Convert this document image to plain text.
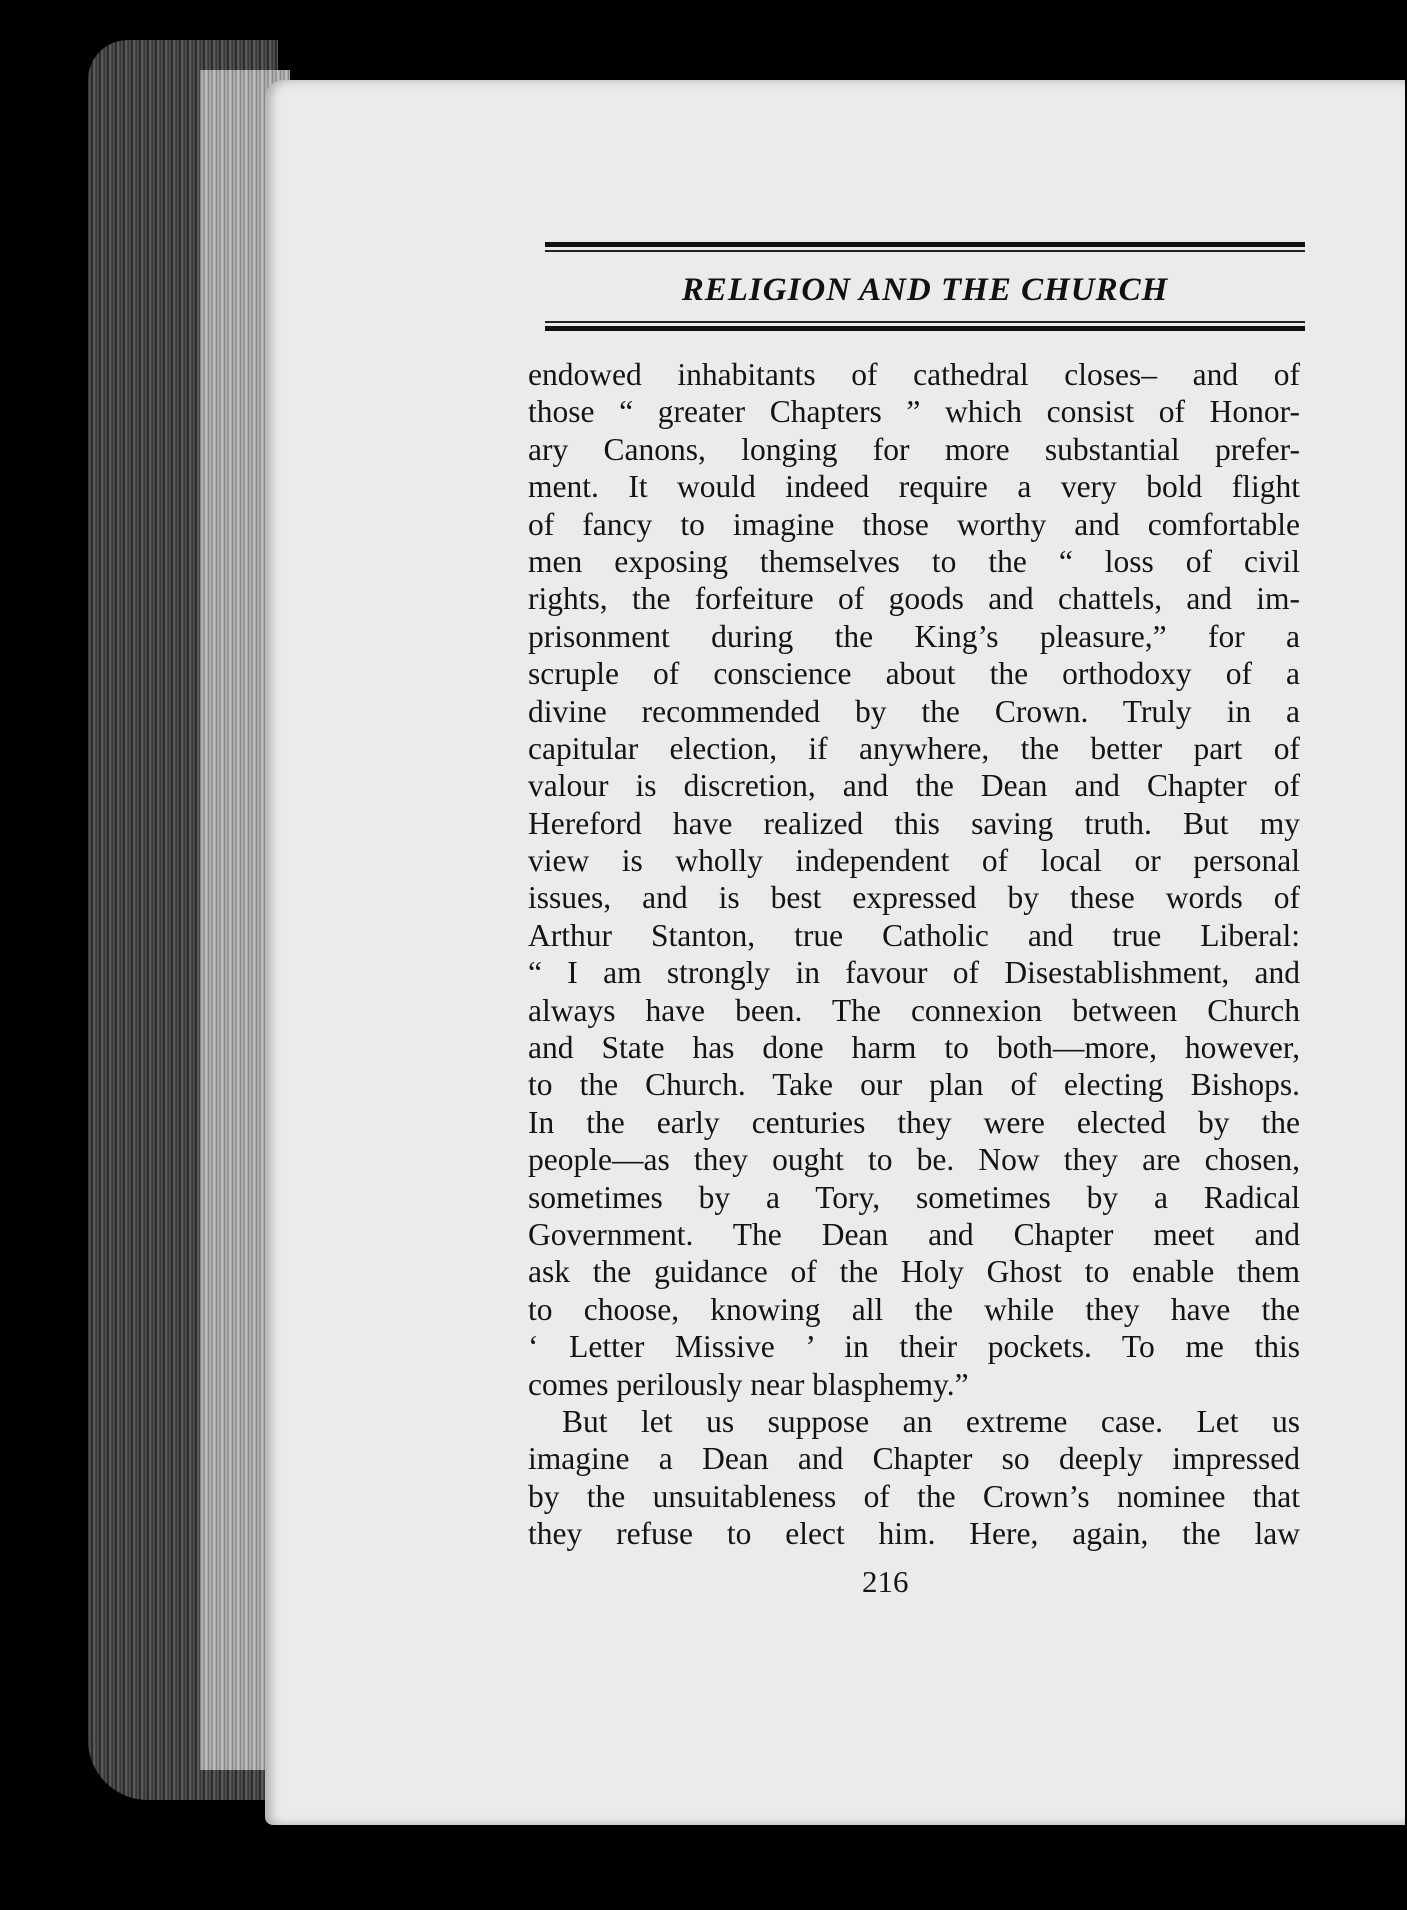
RELIGION AND THE CHURCH
endowed inhabitants of cathedral closes– and of
those “ greater Chapters ” which consist of Honor-
ary Canons, longing for more substantial prefer-
ment. It would indeed require a very bold flight
of fancy to imagine those worthy and comfortable
men exposing themselves to the “ loss of civil
rights, the forfeiture of goods and chattels, and im-
prisonment during the King’s pleasure,” for a
scruple of conscience about the orthodoxy of a
divine recommended by the Crown. Truly in a
capitular election, if anywhere, the better part of
valour is discretion, and the Dean and Chapter of
Hereford have realized this saving truth. But my
view is wholly independent of local or personal
issues, and is best expressed by these words of
Arthur Stanton, true Catholic and true Liberal:
“ I am strongly in favour of Disestablishment, and
always have been. The connexion between Church
and State has done harm to both—more, however,
to the Church. Take our plan of electing Bishops.
In the early centuries they were elected by the
people—as they ought to be. Now they are chosen,
sometimes by a Tory, sometimes by a Radical
Government. The Dean and Chapter meet and
ask the guidance of the Holy Ghost to enable them
to choose, knowing all the while they have the
‘ Letter Missive ’ in their pockets. To me this
comes perilously near blasphemy.”
But let us suppose an extreme case. Let us
imagine a Dean and Chapter so deeply impressed
by the unsuitableness of the Crown’s nominee that
they refuse to elect him. Here, again, the law
216
